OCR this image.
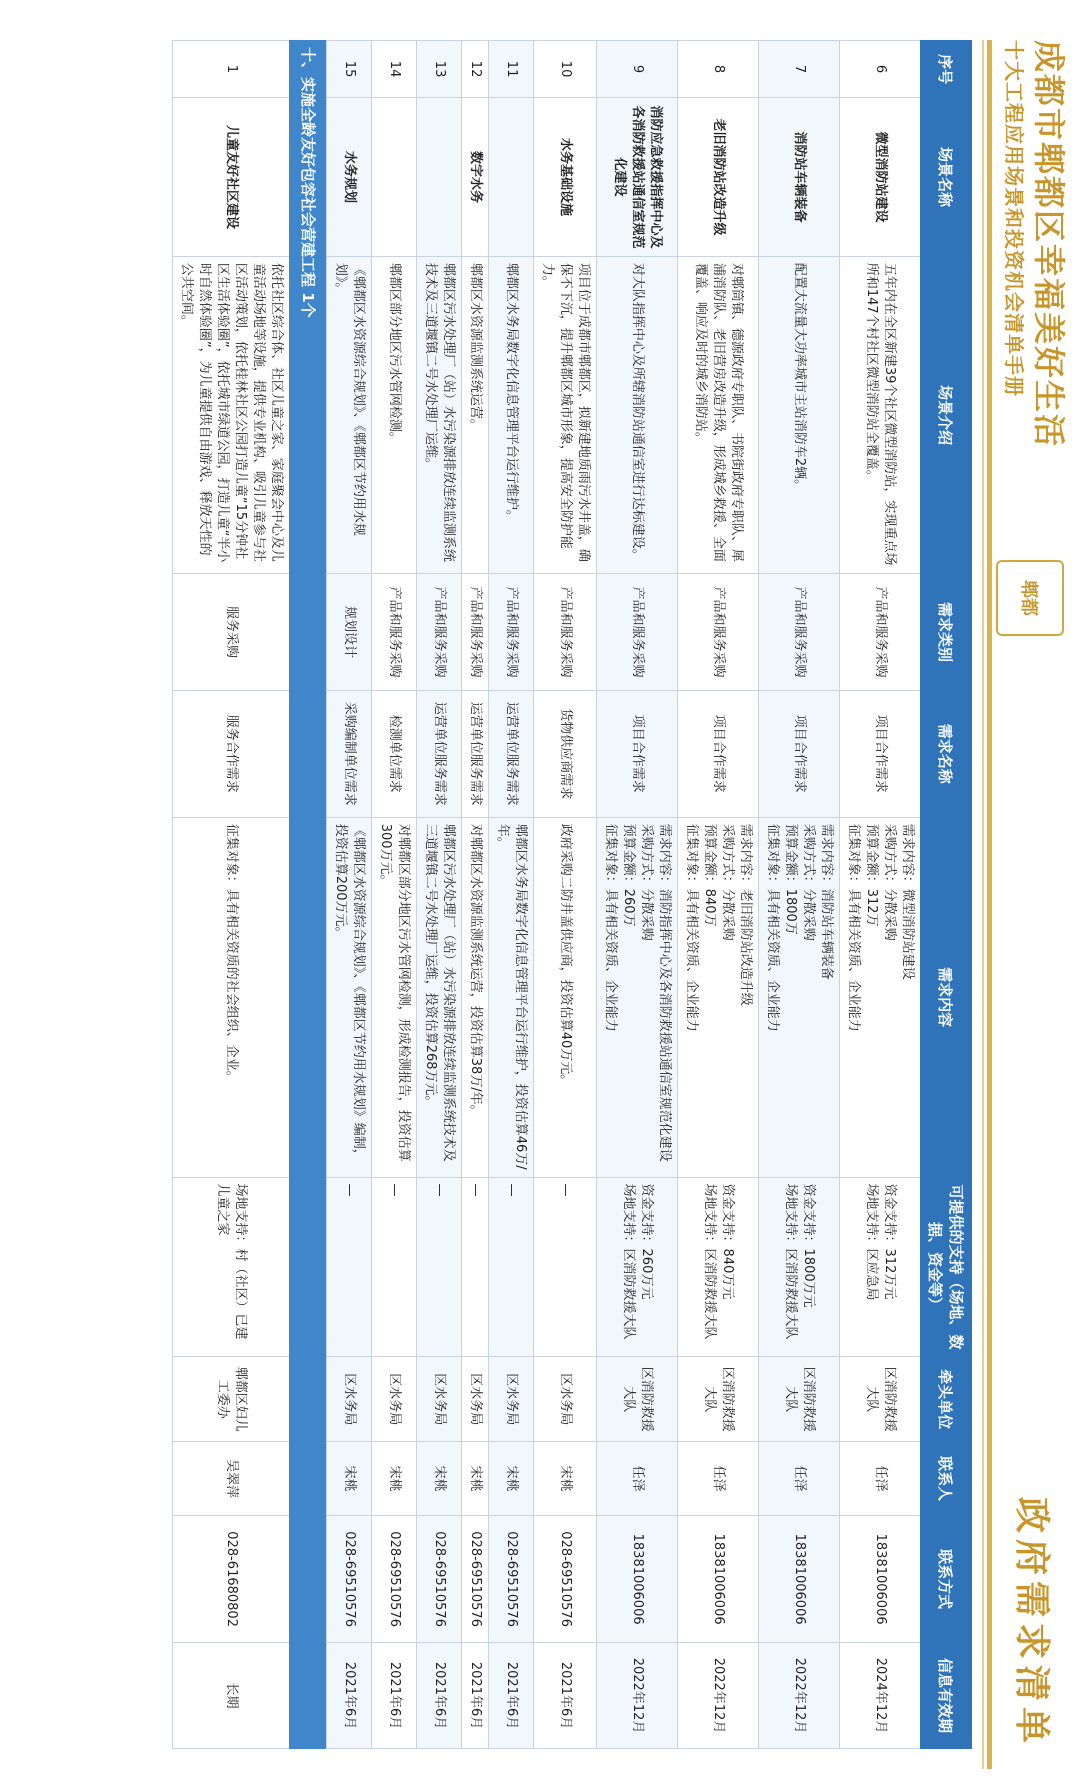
成都市郫都区幸福美好生活
十大工程应用场景和投资机会清单手册
郫都
政府需求清单
序号	场景名称	场景介绍	需求类别	需求名称	需求内容	可提供的支持（场地、数据、资金等）	牵头单位	联系人	联系方式	信息有效期
6	微型消防站建设	五年内在全区新建39个社区微型消防站，实现重点场所和147个村社区微型消防站全覆盖。	产品和服务采购	项目合作需求	需求内容：微型消防站建设
采购方式：分散采购
预算金额：312万
征集对象：具有相关资质、企业能力	资金支持：312万元
场地支持：区应急局	区消防救援大队	任泽	18381006006	2024年12月
7	消防站车辆装备	配置大流量大功率城市主站消防车2辆。	产品和服务采购	项目合作需求	需求内容：消防站车辆装备
采购方式：分散采购
预算金额：1800万
征集对象：具有相关资质、企业能力	资金支持：1800万元
场地支持：区消防救援大队	区消防救援大队	任泽	18381006006	2022年12月
8	老旧消防站改造升级	对郫筒镇、德源政府专职队、书院街政府专职队、犀浦消防队、老旧营房改造升级，形成城乡救援、全面覆盖、响应及时的城乡消防站。	产品和服务采购	项目合作需求	需求内容：老旧消防站改造升级
采购方式：分散采购
预算金额：840万
征集对象：具有相关资质、企业能力	资金支持：840万元
场地支持：区消防救援大队	区消防救援大队	任泽	18381006006	2022年12月
9	消防应急救援指挥中心及各消防救援站通信室规范化建设	对大队指挥中心及所辖消防站通信室进行达标建设。	产品和服务采购	项目合作需求	需求内容：消防指挥中心及各消防救援站通信室规范化建设
采购方式：分散采购
预算金额：260万
征集对象：具有相关资质、企业能力	资金支持：260万元
场地支持：区消防救援大队	区消防救援大队	任泽	18381006006	2022年12月
10	水务基础设施	项目位于成都市郫都区，拟新建地质雨污水井盖，确保不下沉，提升郫都区城市形象，提高安全防护能力。	产品和服务采购	货物供应商需求	政府采购二防井盖供应商，投资估算40万元。	—	区水务局	宋桃	028-69510576	2021年6月
11		郫都区水务局数字化信息管理平台运行维护。	产品和服务采购	运营单位服务需求	郫都区水务局数字化信息管理平台运行维护，投资估算46万/年。	—	区水务局	宋桃	028-69510576	2021年6月
12	数字水务	郫都区水资源监测系统运营。	产品和服务采购	运营单位服务需求	对郫都区水资源监测系统运营，投资估算38万/年。	—	区水务局	宋桃	028-69510576	2021年6月
13		郫都区污水处理厂（站）水污染源排放连续监测系统技术及三道堰镇二号水处理厂运维。	产品和服务采购	运营单位服务需求	郫都区污水处理厂（站）水污染源排放连续监测系统技术及三道堰镇二号水处理厂运维，投资估算268万元。	—	区水务局	宋桃	028-69510576	2021年6月
14		郫都区部分地区污水管网检测。	产品和服务采购	检测单位需求	对郫都区部分地区污水管网检测，形成检测报告，投资估算300万元。	—	区水务局	宋桃	028-69510576	2021年6月
15	水务规划	《郫都区水资源综合规划》、《郫都区节约用水规划》。	规划设计	采购编制单位需求	《郫都区水资源综合规划》、《郫都区节约用水规划》编制，投资估算200万元。	—	区水务局	宋桃	028-69510576	2021年6月
十、实施全龄友好包容社会营建工程 1个										
1	儿童友好社区建设	依托社区综合体、社区儿童之家、家庭聚会中心及儿童活动场地等设施，提供专业机构、吸引儿童参与社区活动策划，依托桂林社区公园打造儿童“15分钟社区生活体验圈”，依托城市绿道公园，打造儿童“半小时自然体验圈”，为儿童提供自由游戏、释放天性的公共空间。	服务采购	服务合作需求	征集对象：具有相关资质的社会组织、企业。	场地支持：村（社区）已建儿童之家	郫都区妇儿工委办	吴翠萍	028-61680802	长期
